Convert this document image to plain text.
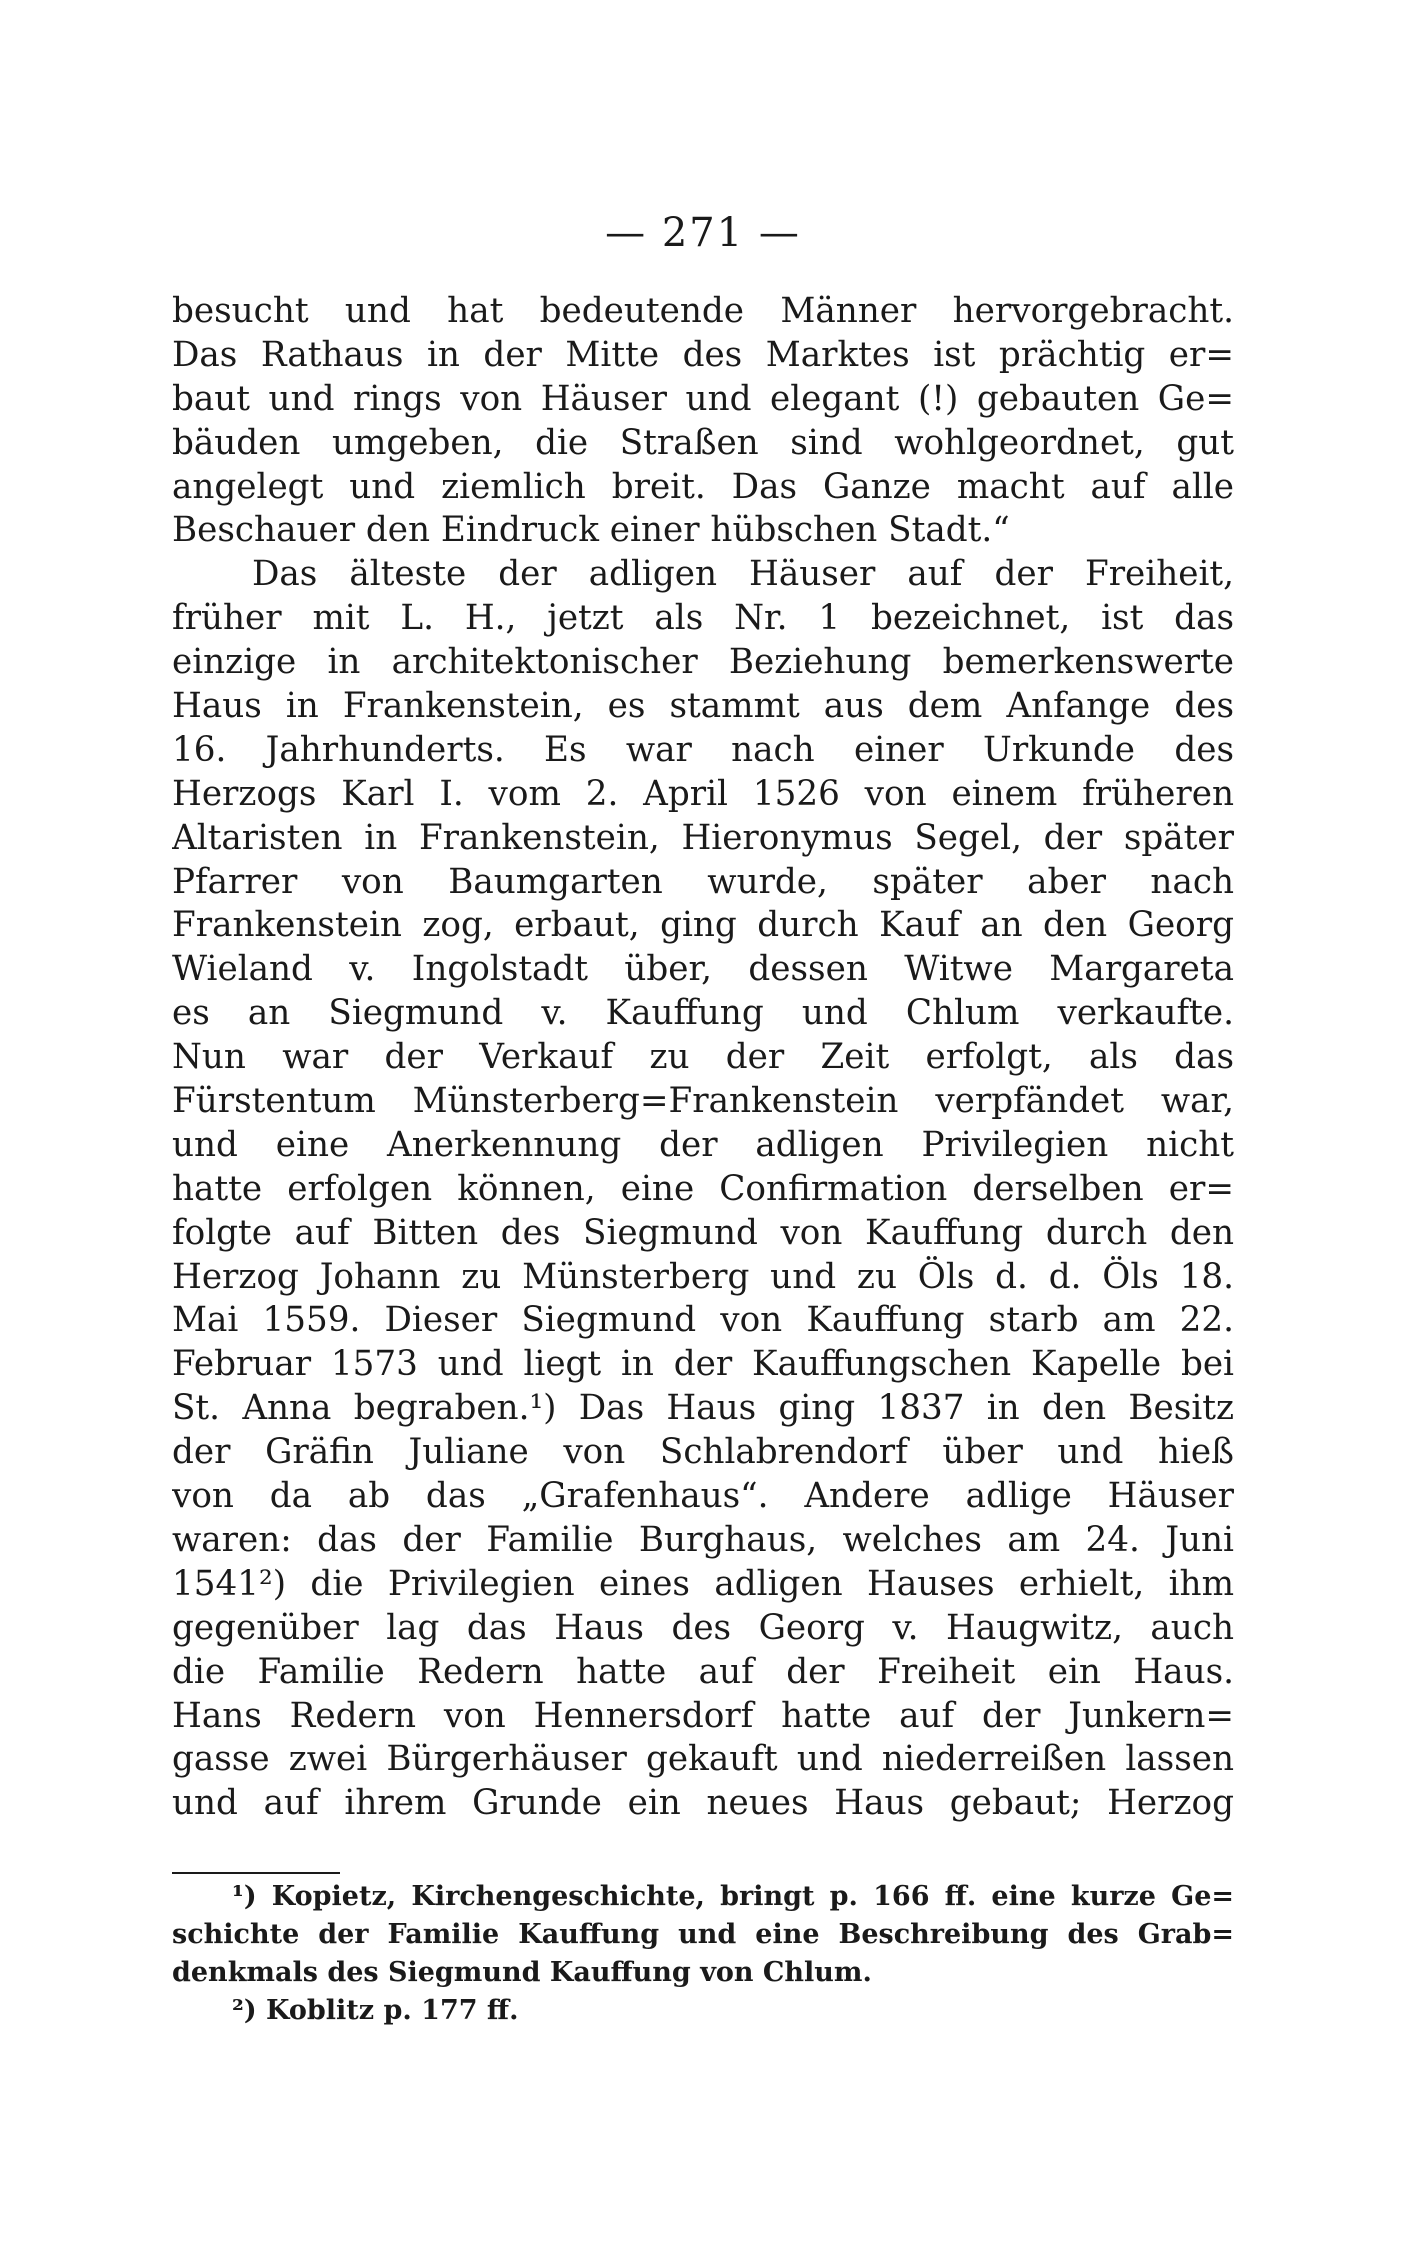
— 271 —
besucht und hat bedeutende Männer hervorgebracht.
Das Rathaus in der Mitte des Marktes ist prächtig er=
baut und rings von Häuser und elegant (!) gebauten Ge=
bäuden umgeben, die Straßen sind wohlgeordnet, gut
angelegt und ziemlich breit. Das Ganze macht auf alle
Beschauer den Eindruck einer hübschen Stadt.“
Das älteste der adligen Häuser auf der Freiheit,
früher mit L. H., jetzt als Nr. 1 bezeichnet, ist das
einzige in architektonischer Beziehung bemerkenswerte
Haus in Frankenstein, es stammt aus dem Anfange des
16. Jahrhunderts. Es war nach einer Urkunde des
Herzogs Karl I. vom 2. April 1526 von einem früheren
Altaristen in Frankenstein, Hieronymus Segel, der später
Pfarrer von Baumgarten wurde, später aber nach
Frankenstein zog, erbaut, ging durch Kauf an den Georg
Wieland v. Ingolstadt über, dessen Witwe Margareta
es an Siegmund v. Kauffung und Chlum verkaufte.
Nun war der Verkauf zu der Zeit erfolgt, als das
Fürstentum Münsterberg=Frankenstein verpfändet war,
und eine Anerkennung der adligen Privilegien nicht
hatte erfolgen können, eine Confirmation derselben er=
folgte auf Bitten des Siegmund von Kauffung durch den
Herzog Johann zu Münsterberg und zu Öls d. d. Öls 18.
Mai 1559. Dieser Siegmund von Kauffung starb am 22.
Februar 1573 und liegt in der Kauffungschen Kapelle bei
St. Anna begraben.¹) Das Haus ging 1837 in den Besitz
der Gräfin Juliane von Schlabrendorf über und hieß
von da ab das „Grafenhaus“. Andere adlige Häuser
waren: das der Familie Burghaus, welches am 24. Juni
1541²) die Privilegien eines adligen Hauses erhielt, ihm
gegenüber lag das Haus des Georg v. Haugwitz, auch
die Familie Redern hatte auf der Freiheit ein Haus.
Hans Redern von Hennersdorf hatte auf der Junkern=
gasse zwei Bürgerhäuser gekauft und niederreißen lassen
und auf ihrem Grunde ein neues Haus gebaut; Herzog
¹) Kopietz, Kirchengeschichte, bringt p. 166 ff. eine kurze Ge=
schichte der Familie Kauffung und eine Beschreibung des Grab=
denkmals des Siegmund Kauffung von Chlum.
²) Koblitz p. 177 ff.
